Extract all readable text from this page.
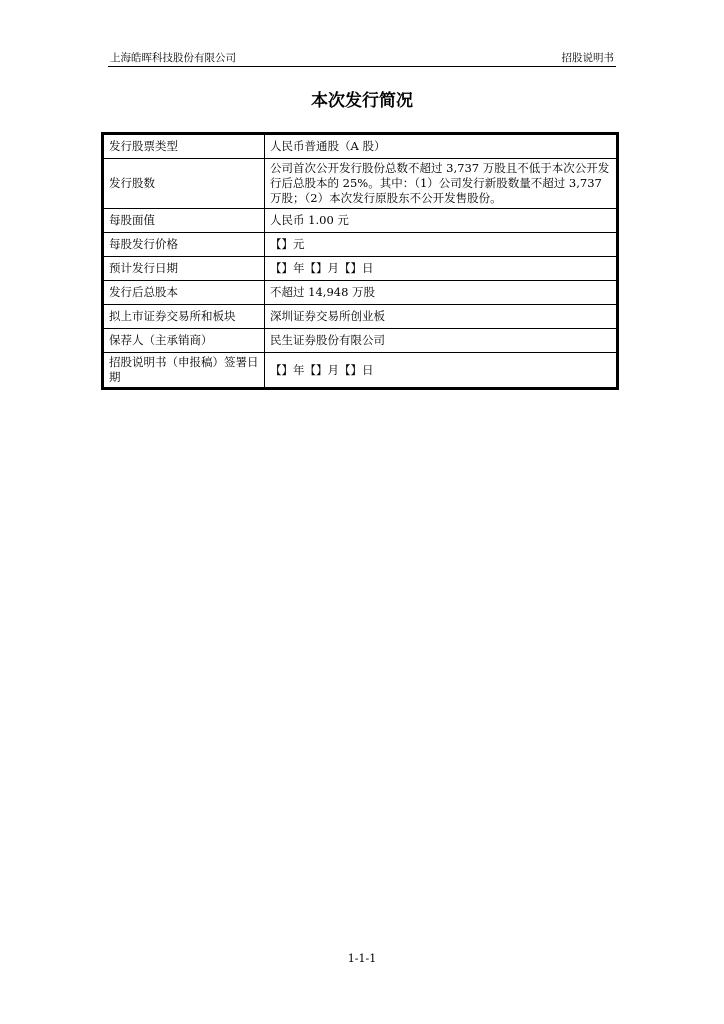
上海皓晖科技股份有限公司	招股说明书
本次发行简况
发行股票类型	人民币普通股（A 股）
发行股数	公司首次公开发行股份总数不超过 3,737 万股且不低于本次公开发行后总股本的 25%。其中：（1）公司发行新股数量不超过 3,737 万股；（2）本次发行原股东不公开发售股份。
每股面值	人民币 1.00 元
每股发行价格	【】元
预计发行日期	【】年【】月【】日
发行后总股本	不超过 14,948 万股
拟上市证券交易所和板块	深圳证券交易所创业板
保荐人（主承销商）	民生证券股份有限公司
招股说明书（申报稿）签署日期	【】年【】月【】日
1-1-1
